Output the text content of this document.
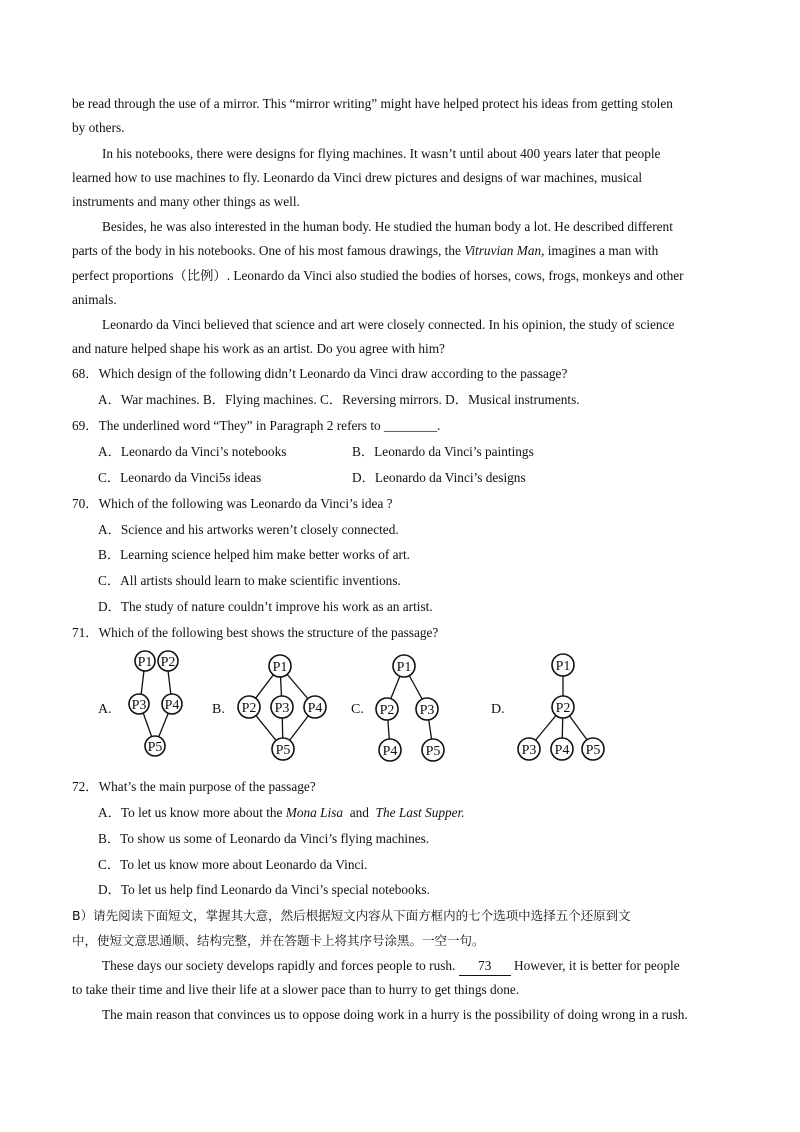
be read through the use of a mirror. This “mirror writing” might have helped protect his ideas from getting stolen
by others.
In his notebooks, there were designs for flying machines. It wasn’t until about 400 years later that people
learned how to use machines to fly. Leonardo da Vinci drew pictures and designs of war machines, musical
instruments and many other things as well.
Besides, he was also interested in the human body. He studied the human body a lot. He described different
parts of the body in his notebooks. One of his most famous drawings, the Vitruvian Man, imagines a man with
perfect proportions（比例）. Leonardo da Vinci also studied the bodies of horses, cows, frogs, monkeys and other
animals.
Leonardo da Vinci believed that science and art were closely connected. In his opinion, the study of science
and nature helped shape his work as an artist. Do you agree with him?
68．Which design of the following didn’t Leonardo da Vinci draw according to the passage?
A．War machines. B．Flying machines. C．Reversing mirrors. D．Musical instruments.
69．The underlined word “They” in Paragraph 2 refers to ________.
A．Leonardo da Vinci’s notebooks	B．Leonardo da Vinci’s paintings
C．Leonardo da Vinci5s ideas	D．Leonardo da Vinci’s designs
70．Which of the following was Leonardo da Vinci’s idea ?
A．Science and his artworks weren’t closely connected.
B．Learning science helped him make better works of art.
C．All artists should learn to make scientific inventions.
D．The study of nature couldn’t improve his work as an artist.
71．Which of the following best shows the structure of the passage?
A.	B.	C.	D.
P1 P2
P3 P4
P5
P1
P2 P3 P4
P5
P1
P2 P3
P4 P5
P1
P2
P3 P4 P5
72．What’s the main purpose of the passage?
A．To let us know more about the Mona Lisa  and  The Last Supper.
B．To show us some of Leonardo da Vinci’s flying machines.
C．To let us know more about Leonardo da Vinci.
D．To let us help find Leonardo da Vinci’s special notebooks.
B）请先阅读下面短文，掌握其大意，然后根据短文内容从下面方框内的七个选项中选择五个还原到文
中，使短文意思通顺、结构完整，并在答题卡上将其序号涂黑。一空一句。
These days our society develops rapidly and forces people to rush. 73 However, it is better for people
to take their time and live their life at a slower pace than to hurry to get things done.
The main reason that convinces us to oppose doing work in a hurry is the possibility of doing wrong in a rush.
